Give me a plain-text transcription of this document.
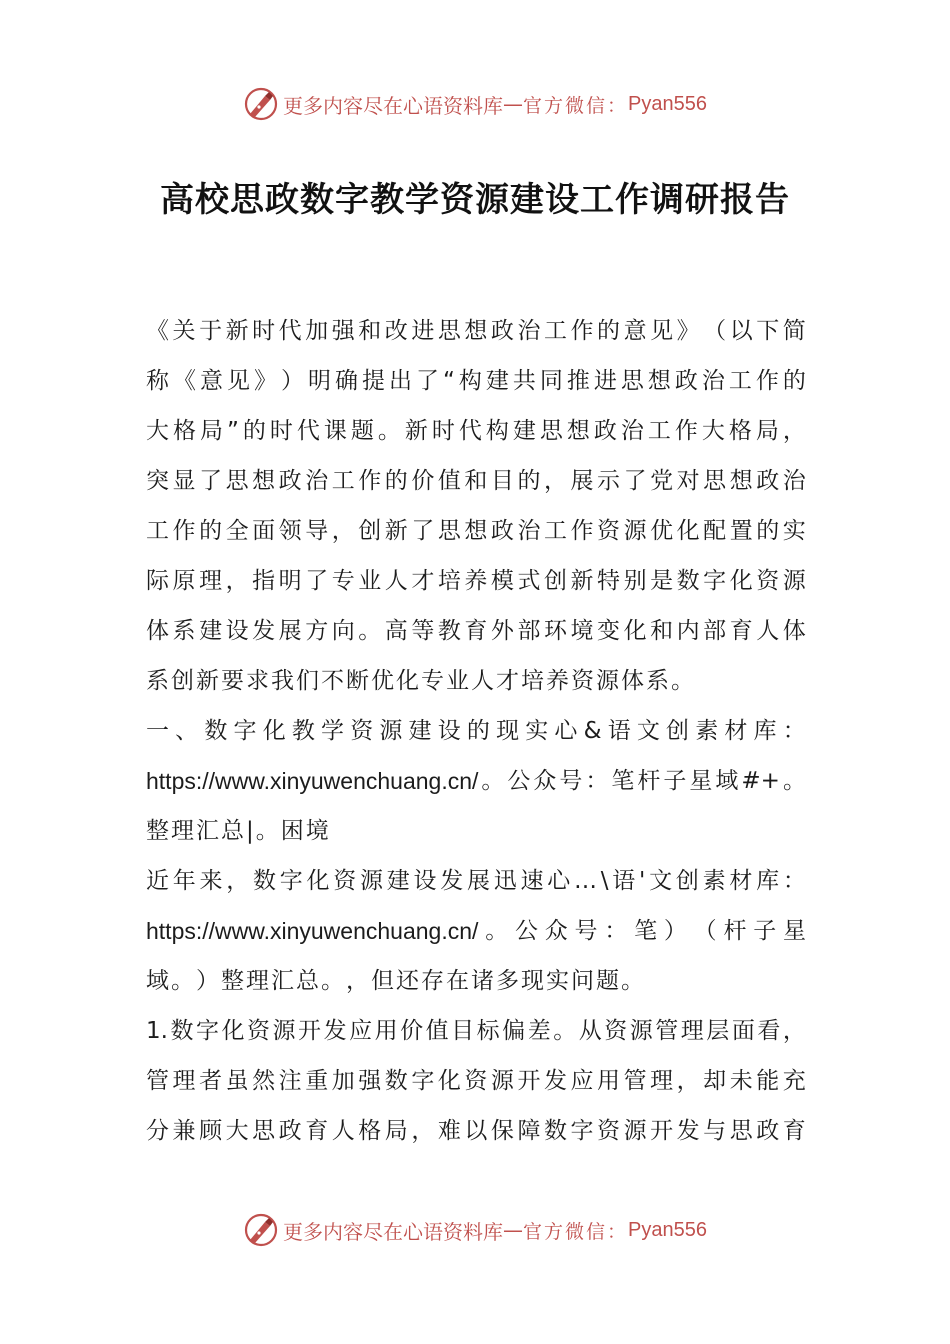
更多内容尽在心语资料库 — 官方微信： Pyan556
高校思政数字教学资源建设工作调研报告
《 关 于 新 时 代 加 强 和 改 进 思 想 政 治 工 作 的 意 见 》 （ 以 下 简
称 《 意 见 》 ） 明 确 提 出 了 “ 构 建 共 同 推 进 思 想 政 治 工 作 的
大 格 局 ” 的 时 代 课 题 。 新 时 代 构 建 思 想 政 治 工 作 大 格 局 ，
突 显 了 思 想 政 治 工 作 的 价 值 和 目 的 ， 展 示 了 党 对 思 想 政 治
工 作 的 全 面 领 导 ， 创 新 了 思 想 政 治 工 作 资 源 优 化 配 置 的 实
际 原 理 ， 指 明 了 专 业 人 才 培 养 模 式 创 新 特 别 是 数 字 化 资 源
体 系 建 设 发 展 方 向 。 高 等 教 育 外 部 环 境 变 化 和 内 部 育 人 体
系 创 新 要 求 我 们 不 断 优 化 专 业 人 才 培 养 资 源 体 系 。
一 、 数 字 化 教 学 资 源 建 设 的 现 实 心 & 语 文 创 素 材 库 ：
https://www.xinyuwenchuang.cn/ 。 公 众 号 ： 笔 杆 子 星 域 #+ 。
整 理 汇 总 | 。 困 境
近 年 来 ， 数 字 化 资 源 建 设 发 展 迅 速 心 … \ 语 ' 文 创 素 材 库 ：
https://www.xinyuwenchuang.cn/ 。 公 众 号 ： 笔 ） （ 杆 子 星
域 。 ） 整 理 汇 总 。 ， 但 还 存 在 诸 多 现 实 问 题 。
1. 数 字 化 资 源 开 发 应 用 价 值 目 标 偏 差 。 从 资 源 管 理 层 面 看 ，
管 理 者 虽 然 注 重 加 强 数 字 化 资 源 开 发 应 用 管 理 ， 却 未 能 充
分 兼 顾 大 思 政 育 人 格 局 ， 难 以 保 障 数 字 资 源 开 发 与 思 政 育
更多内容尽在心语资料库 — 官方微信： Pyan556
